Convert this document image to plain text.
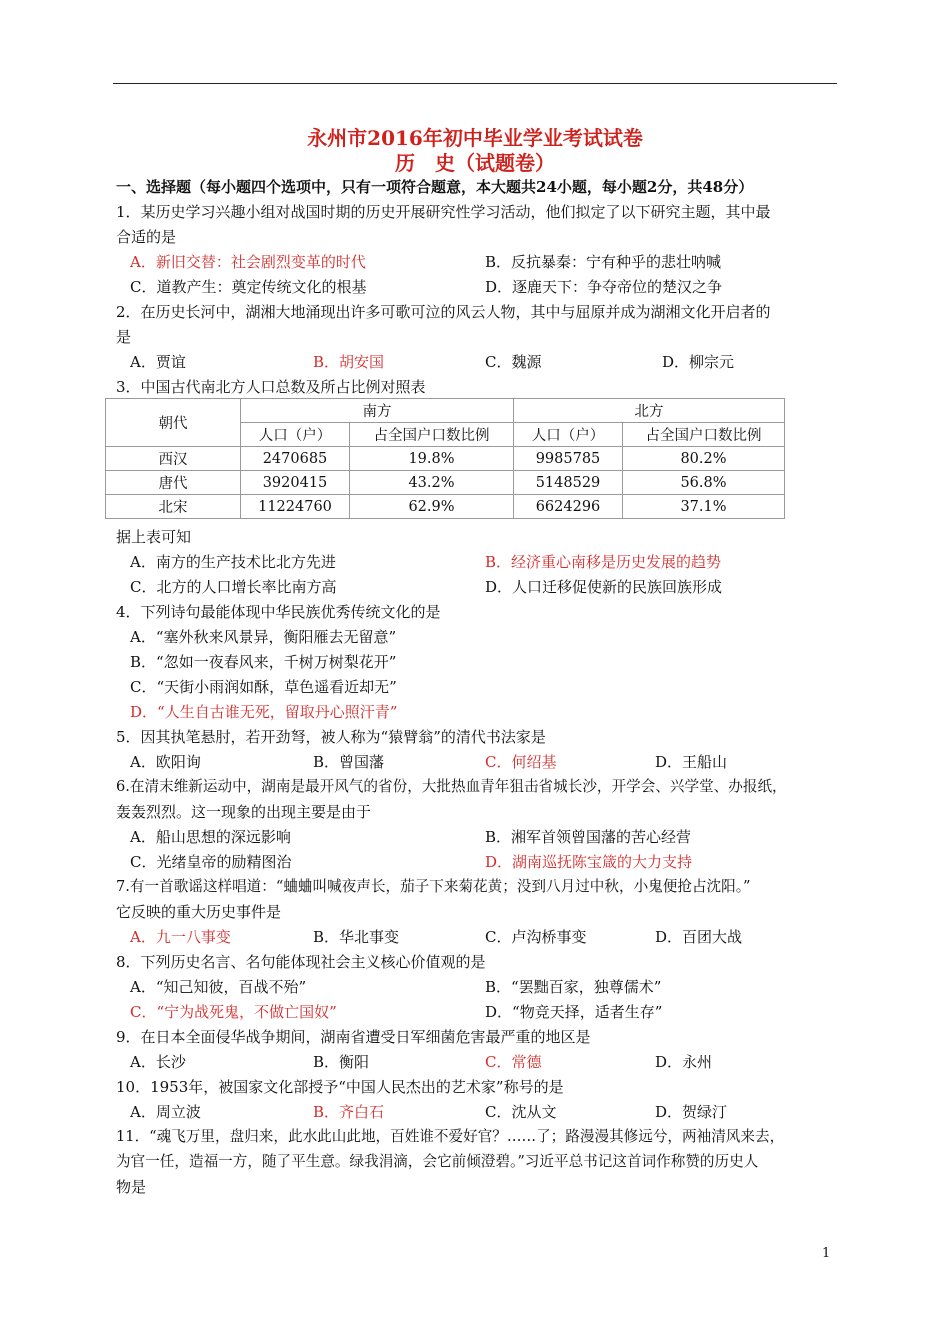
永州市2016年初中毕业学业考试试卷
历　史（试题卷）
一、选择题（每小题四个选项中，只有一项符合题意，本大题共24小题，每小题2分，共48分）
1．某历史学习兴趣小组对战国时期的历史开展研究性学习活动，他们拟定了以下研究主题，其中最
合适的是
A．新旧交替：社会剧烈变革的时代	B．反抗暴秦：宁有种乎的悲壮呐喊
C．道教产生：奠定传统文化的根基	D．逐鹿天下：争夺帝位的楚汉之争
2．在历史长河中，湖湘大地涌现出许多可歌可泣的风云人物，其中与屈原并成为湖湘文化开启者的
是
A．贾谊	B．胡安国	C．魏源	D．柳宗元
3．中国古代南北方人口总数及所占比例对照表
朝代	南方		北方	
	人口（户）	占全国户口数比例	人口（户）	占全国户口数比例
西汉	2470685	19.8%	9985785	80.2%
唐代	3920415	43.2%	5148529	56.8%
北宋	11224760	62.9%	6624296	37.1%
据上表可知
A．南方的生产技术比北方先进	B．经济重心南移是历史发展的趋势
C．北方的人口增长率比南方高	D．人口迁移促使新的民族回族形成
4．下列诗句最能体现中华民族优秀传统文化的是
A．“塞外秋来风景异，衡阳雁去无留意”
B．“忽如一夜春风来，千树万树梨花开”
C．“天街小雨润如酥，草色遥看近却无”
D．“人生自古谁无死，留取丹心照汗青”
5．因其执笔悬肘，若开劲弩，被人称为“猿臂翁”的清代书法家是
A．欧阳询	B．曾国藩	C．何绍基	D．王船山
6.在清末维新运动中，湖南是最开风气的省份，大批热血青年狙击省城长沙，开学会、兴学堂、办报纸，
轰轰烈烈。这一现象的出现主要是由于
A．船山思想的深远影响	B．湘军首领曾国藩的苦心经营
C．光绪皇帝的励精图治	D．湖南巡抚陈宝箴的大力支持
7.有一首歌谣这样唱道：“蛐蛐叫喊夜声长，茄子下来菊花黄；没到八月过中秋，小鬼便抢占沈阳。”
它反映的重大历史事件是
A．九一八事变	B．华北事变	C．卢沟桥事变	D．百团大战
8．下列历史名言、名句能体现社会主义核心价值观的是
A．“知己知彼，百战不殆”	B．“罢黜百家，独尊儒术”
C．“宁为战死鬼，不做亡国奴”	D．“物竞天择，适者生存”
9．在日本全面侵华战争期间，湖南省遭受日军细菌危害最严重的地区是
A．长沙	B．衡阳	C．常德	D．永州
10．1953年，被国家文化部授予“中国人民杰出的艺术家”称号的是
A．周立波	B．齐白石	C．沈从文	D．贺绿汀
11．“魂飞万里，盘归来，此水此山此地，百姓谁不爱好官？……了；路漫漫其修远兮，两袖清风来去，
为官一任，造福一方，随了平生意。绿我涓滴，会它前倾澄碧。”习近平总书记这首词作称赞的历史人
物是
1
